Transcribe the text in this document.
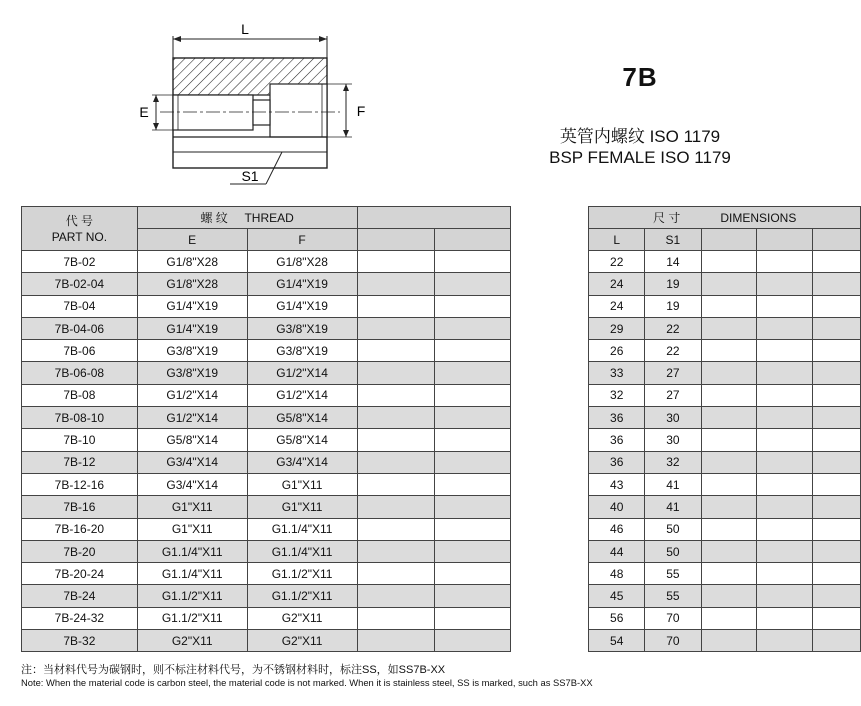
L
E	F
S1
7B
英管内螺纹 ISO 1179
BSP FEMALE ISO 1179
代 号
PART NO.	螺 纹 THREAD					尺 寸 DIMENSIONS				
	E	F				L	S1			
7B-02	G1/8"X28	G1/8"X28				22	14			
7B-02-04	G1/8"X28	G1/4"X19				24	19			
7B-04	G1/4"X19	G1/4"X19				24	19			
7B-04-06	G1/4"X19	G3/8"X19				29	22			
7B-06	G3/8"X19	G3/8"X19				26	22			
7B-06-08	G3/8"X19	G1/2"X14				33	27			
7B-08	G1/2"X14	G1/2"X14				32	27			
7B-08-10	G1/2"X14	G5/8"X14				36	30			
7B-10	G5/8"X14	G5/8"X14				36	30			
7B-12	G3/4"X14	G3/4"X14				36	32			
7B-12-16	G3/4"X14	G1"X11				43	41			
7B-16	G1"X11	G1"X11				40	41			
7B-16-20	G1"X11	G1.1/4"X11				46	50			
7B-20	G1.1/4"X11	G1.1/4"X11				44	50			
7B-20-24	G1.1/4"X11	G1.1/2"X11				48	55			
7B-24	G1.1/2"X11	G1.1/2"X11				45	55			
7B-24-32	G1.1/2"X11	G2"X11				56	70			
7B-32	G2"X11	G2"X11				54	70			
注：当材料代号为碳钢时，则不标注材料代号，为不锈钢材料时，标注SS，如SS7B-XX
Note: When the material code is carbon steel, the material code is not marked. When it is stainless steel, SS is marked, such as SS7B-XX
